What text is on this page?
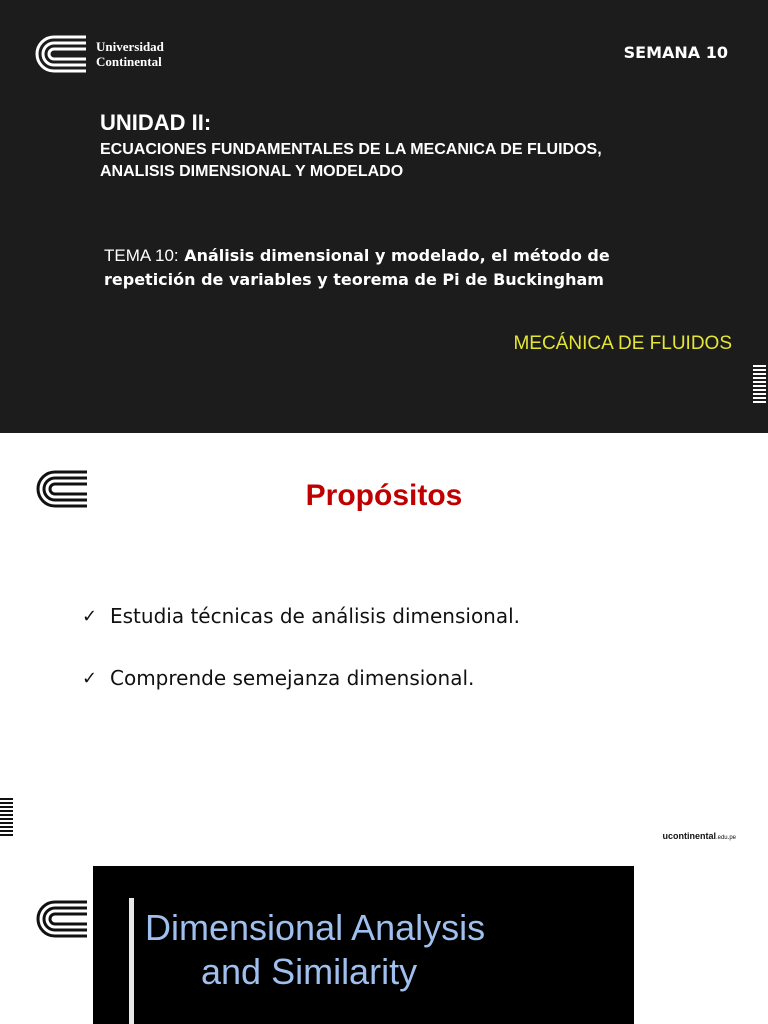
Universidad
Continental	SEMANA 10
UNIDAD II:
ECUACIONES FUNDAMENTALES DE LA MECANICA DE FLUIDOS, ANALISIS DIMENSIONAL Y MODELADO
TEMA 10: Análisis dimensional y modelado, el método de repetición de variables y teorema de Pi de Buckingham
MECÁNICA DE FLUIDOS
Propósitos
✓ Estudia técnicas de análisis dimensional.
✓ Comprende semejanza dimensional.
ucontinental.edu.pe
Dimensional Analysis
and Similarity
